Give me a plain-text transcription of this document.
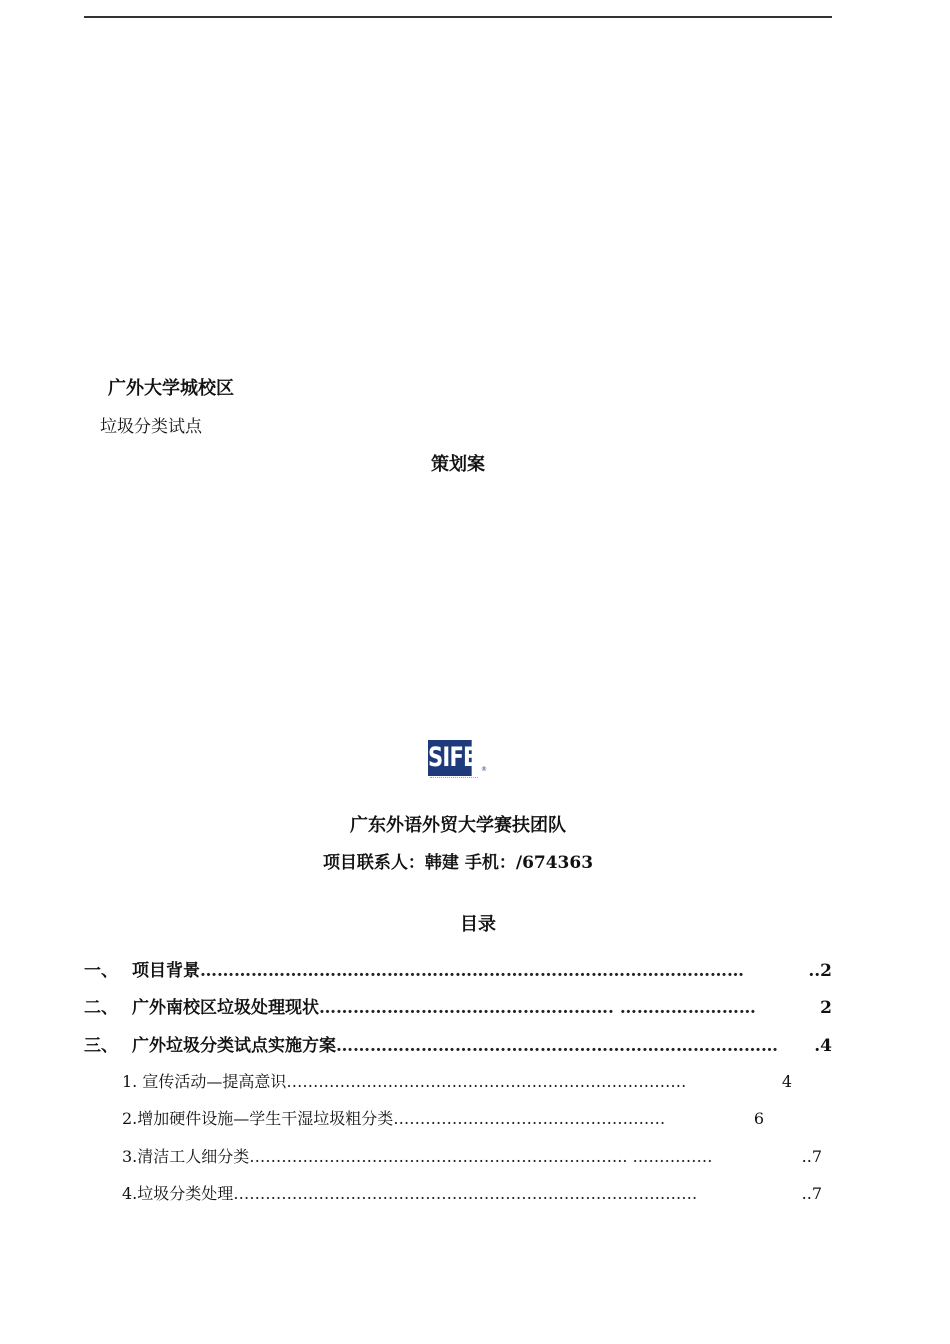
广外大学城校区
垃圾分类试点
策划案
SIFE ®
广东外语外贸大学赛扶团队
项目联系人：韩建 手机：/674363
目录
一、 项目背景 ……………………………………………………………………………………	..2
二、 广外南校区垃圾处理现状 ……………………………………………. ……………………	2
三、 广外垃圾分类试点实施方案 ……………………………………………………………………	.4
1. 宣传活动—提高意识 …………………………………………………………………	4
2.增加硬件设施—学生干湿垃圾粗分类 ……………………………………………	6
3.清洁工人细分类 …………………………………………………………….. ……………	..7
4.垃圾分类处理 ……………………………………………………………………………	..7
